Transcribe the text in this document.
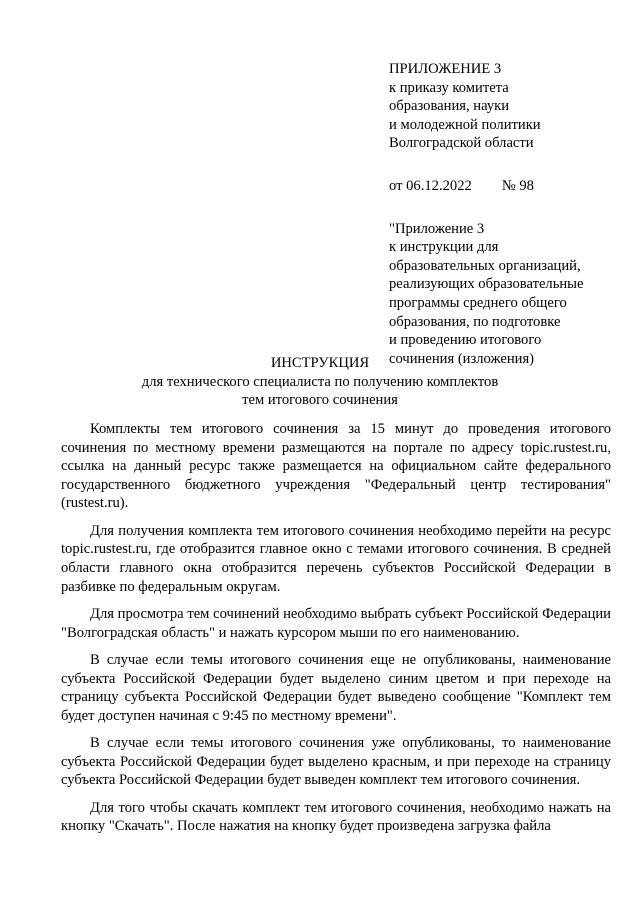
ПРИЛОЖЕНИЕ 3
к приказу комитета
образования, науки
и молодежной политики
Волгоградской области
от 06.12.2022 № 98
"Приложение 3
к инструкции для
образовательных организаций,
реализующих образовательные
программы среднего общего
образования, по подготовке
и проведению итогового
сочинения (изложения)
ИНСТРУКЦИЯ
для технического специалиста по получению комплектов
тем итогового сочинения

Комплекты тем итогового сочинения за 15 минут до проведения итогового сочинения по местному времени размещаются на портале по адресу topic.rustest.ru, ссылка на данный ресурс также размещается на официальном сайте федерального государственного бюджетного учреждения "Федеральный центр тестирования" (rustest.ru).

Для получения комплекта тем итогового сочинения необходимо перейти на ресурс topic.rustest.ru, где отобразится главное окно с темами итогового сочинения. В средней области главного окна отобразится перечень субъектов Российской Федерации в разбивке по федеральным округам.

Для просмотра тем сочинений необходимо выбрать субъект Российской Федерации "Волгоградская область" и нажать курсором мыши по его наименованию.

В случае если темы итогового сочинения еще не опубликованы, наименование субъекта Российской Федерации будет выделено синим цветом и при переходе на страницу субъекта Российской Федерации будет выведено сообщение "Комплект тем будет доступен начиная с 9:45 по местному времени".

В случае если темы итогового сочинения уже опубликованы, то наименование субъекта Российской Федерации будет выделено красным, и при переходе на страницу субъекта Российской Федерации будет выведен комплект тем итогового сочинения.

Для того чтобы скачать комплект тем итогового сочинения, необходимо нажать на кнопку "Скачать". После нажатия на кнопку будет произведена загрузка файла
